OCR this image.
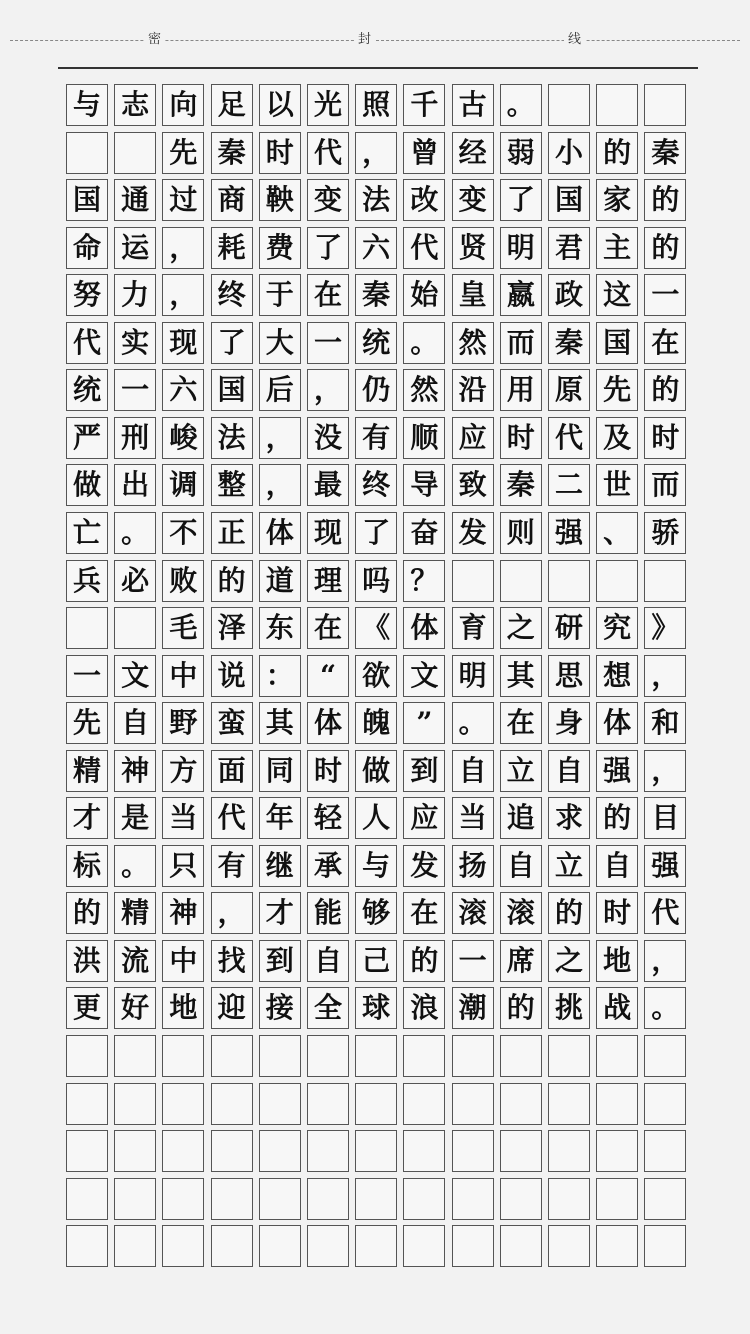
密	封	线
与 志 向 足 以 光 照 千 古 。
先 秦 时 代 ， 曾 经 弱 小 的 秦
国 通 过 商 鞅 变 法 改 变 了 国 家 的
命 运 ， 耗 费 了 六 代 贤 明 君 主 的
努 力 ， 终 于 在 秦 始 皇 嬴 政 这 一
代 实 现 了 大 一 统 。 然 而 秦 国 在
统 一 六 国 后 ， 仍 然 沿 用 原 先 的
严 刑 峻 法 ， 没 有 顺 应 时 代 及 时
做 出 调 整 ， 最 终 导 致 秦 二 世 而
亡 。 不 正 体 现 了 奋 发 则 强 、 骄
兵 必 败 的 道 理 吗 ？
毛 泽 东 在 《 体 育 之 研 究 》
一 文 中 说 ： “ 欲 文 明 其 思 想 ，
先 自 野 蛮 其 体 魄 ” 。 在 身 体 和
精 神 方 面 同 时 做 到 自 立 自 强 ，
才 是 当 代 年 轻 人 应 当 追 求 的 目
标 。 只 有 继 承 与 发 扬 自 立 自 强
的 精 神 ， 才 能 够 在 滚 滚 的 时 代
洪 流 中 找 到 自 己 的 一 席 之 地 ，
更 好 地 迎 接 全 球 浪 潮 的 挑 战 。
